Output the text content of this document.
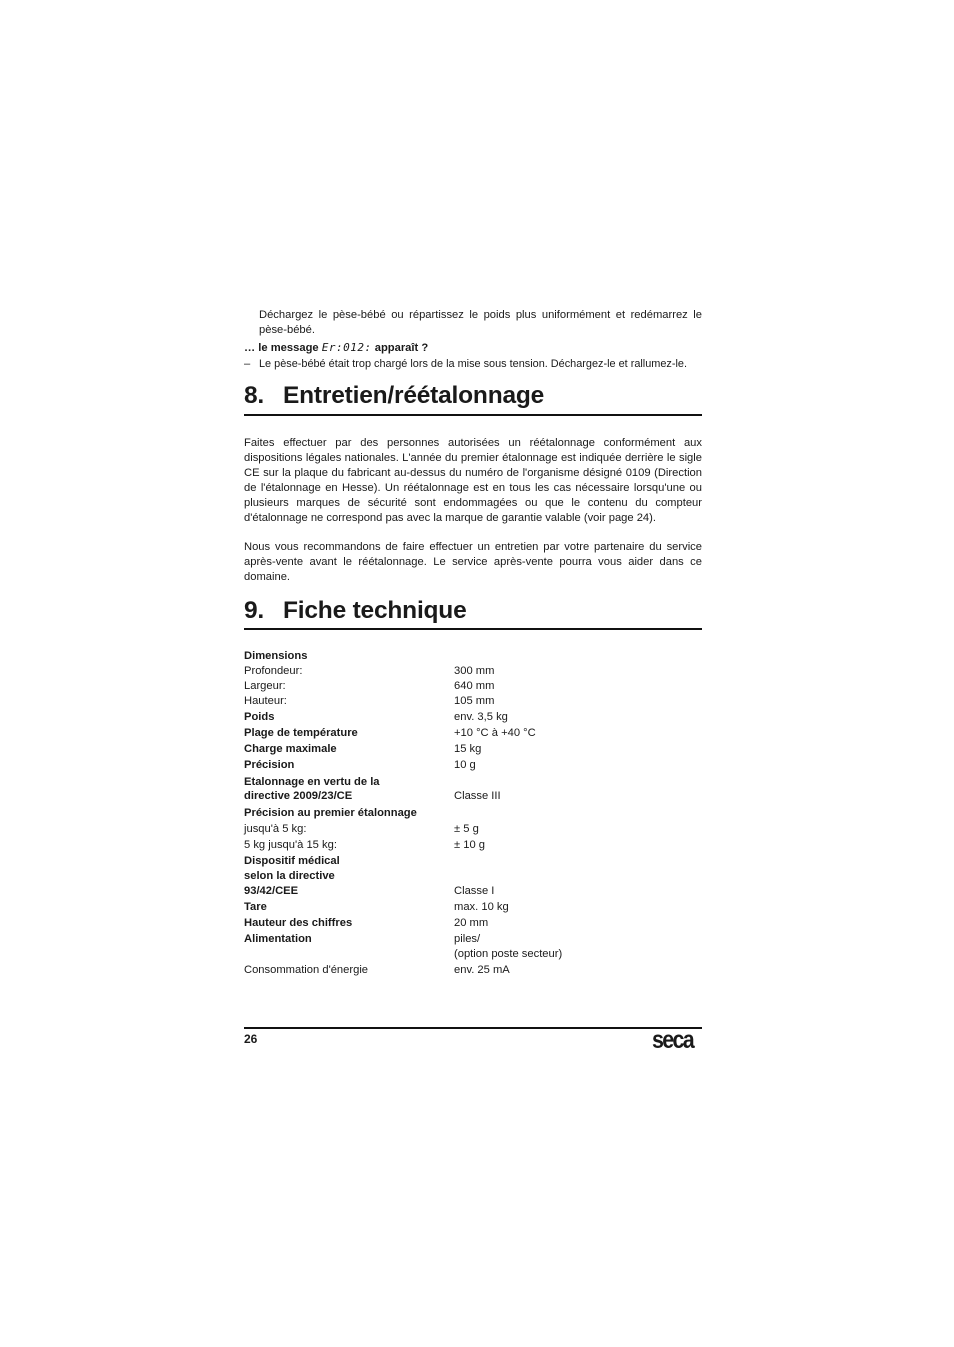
Déchargez le pèse-bébé ou répartissez le poids plus uniformément et redémarrez le pèse-bébé.
… le message Er:012: apparaît ?
– Le pèse-bébé était trop chargé lors de la mise sous tension. Déchargez-le et rallumez-le.
8. Entretien/réétalonnage
Faites effectuer par des personnes autorisées un réétalonnage conformément aux dispositions légales nationales. L'année du premier étalonnage est indiquée derrière le sigle CE sur la plaque du fabricant au-dessus du numéro de l'organisme désigné 0109 (Direction de l'étalonnage en Hesse). Un réétalonnage est en tous les cas nécessaire lorsqu'une ou plusieurs marques de sécurité sont endommagées ou que le contenu du compteur d'étalonnage ne correspond pas avec la marque de garantie valable (voir page 24).
Nous vous recommandons de faire effectuer un entretien par votre partenaire du service après-vente avant le réétalonnage. Le service après-vente pourra vous aider dans ce domaine.
9. Fiche technique
Dimensions
Profondeur:	300 mm
Largeur:	640 mm
Hauteur:	105 mm
Poids	env. 3,5 kg
Plage de température	+10 °C à +40 °C
Charge maximale	15 kg
Précision	10 g
Etalonnage en vertu de la
directive 2009/23/CE	Classe III
Précision au premier étalonnage
jusqu'à 5 kg:	± 5 g
5 kg jusqu'à 15 kg:	± 10 g
Dispositif médical
selon la directive
93/42/CEE	Classe I
Tare	max. 10 kg
Hauteur des chiffres	20 mm
Alimentation	piles/
(option poste secteur)
Consommation d'énergie	env. 25 mA
26	seca
